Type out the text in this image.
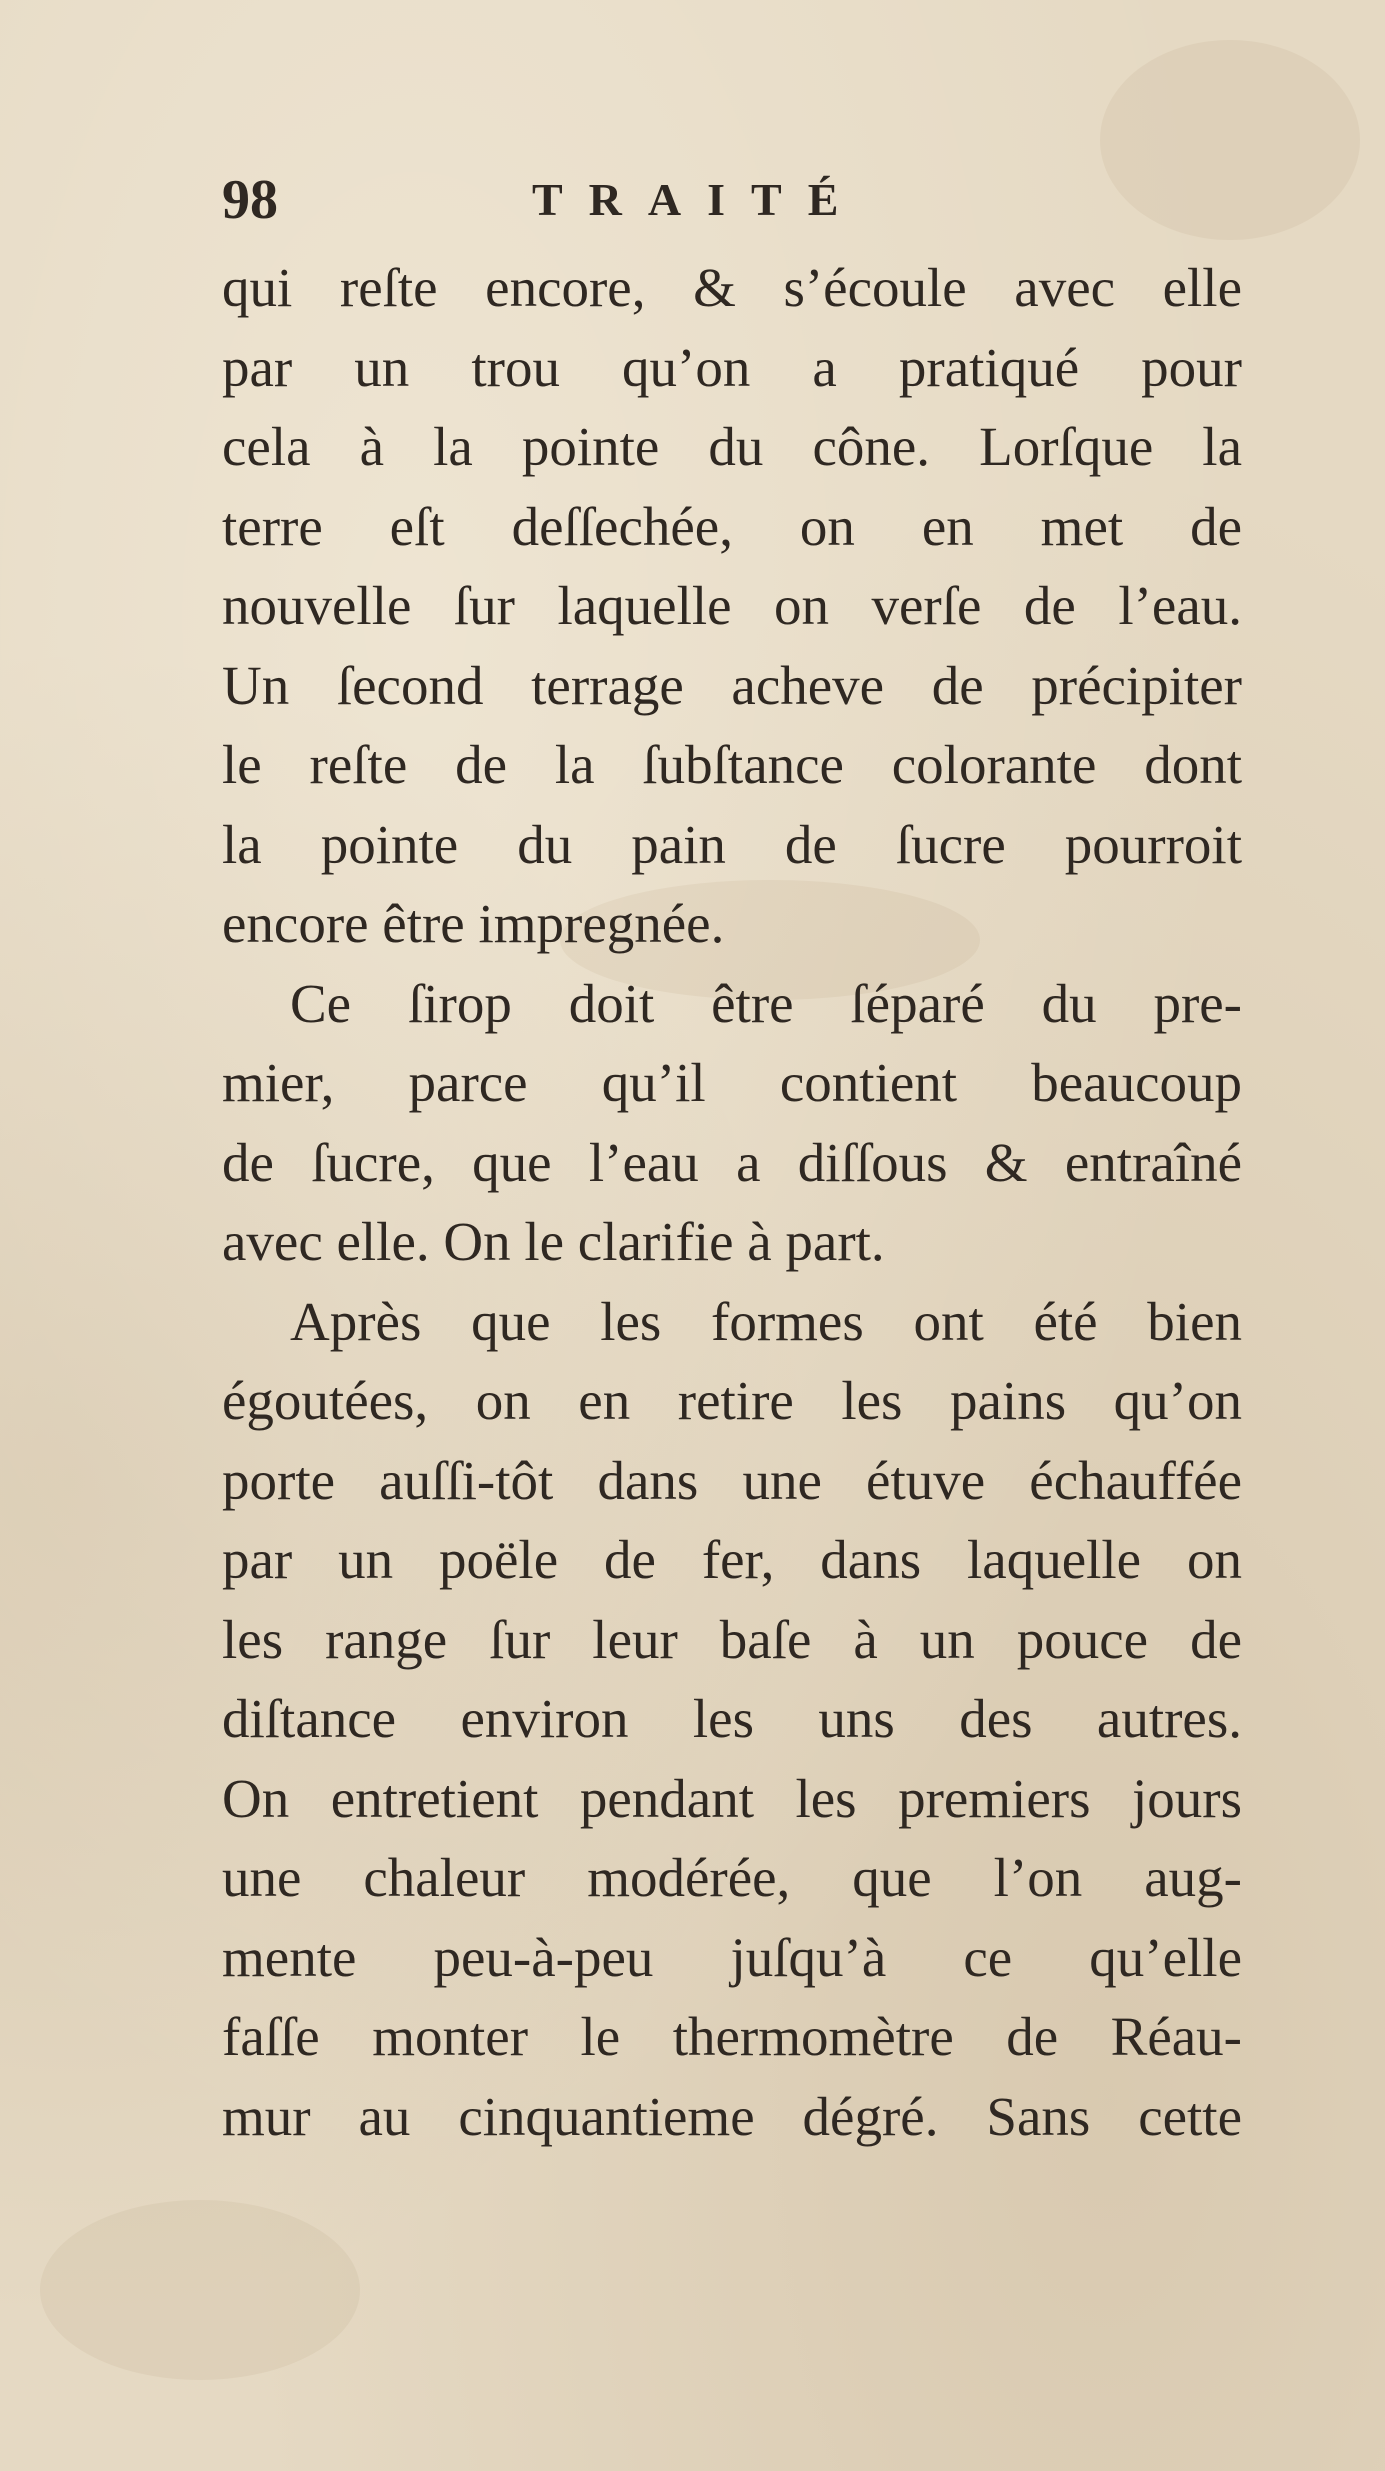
98	TRAITÉ
qui reſte encore, & s’écoule avec elle
par un trou qu’on a pratiqué pour
cela à la pointe du cône. Lorſque la
terre eſt deſſechée, on en met de
nouvelle ſur laquelle on verſe de l’eau.
Un ſecond terrage acheve de précipiter
le reſte de la ſubſtance colorante dont
la pointe du pain de ſucre pourroit
encore être impregnée.
Ce ſirop doit être ſéparé du pre-
mier, parce qu’il contient beaucoup
de ſucre, que l’eau a diſſous & entraîné
avec elle. On le clarifie à part.
Après que les formes ont été bien
égoutées, on en retire les pains qu’on
porte auſſi-tôt dans une étuve échauffée
par un poële de fer, dans laquelle on
les range ſur leur baſe à un pouce de
diſtance environ les uns des autres.
On entretient pendant les premiers jours
une chaleur modérée, que l’on aug-
mente peu-à-peu juſqu’à ce qu’elle
faſſe monter le thermomètre de Réau-
mur au cinquantieme dégré. Sans cette
